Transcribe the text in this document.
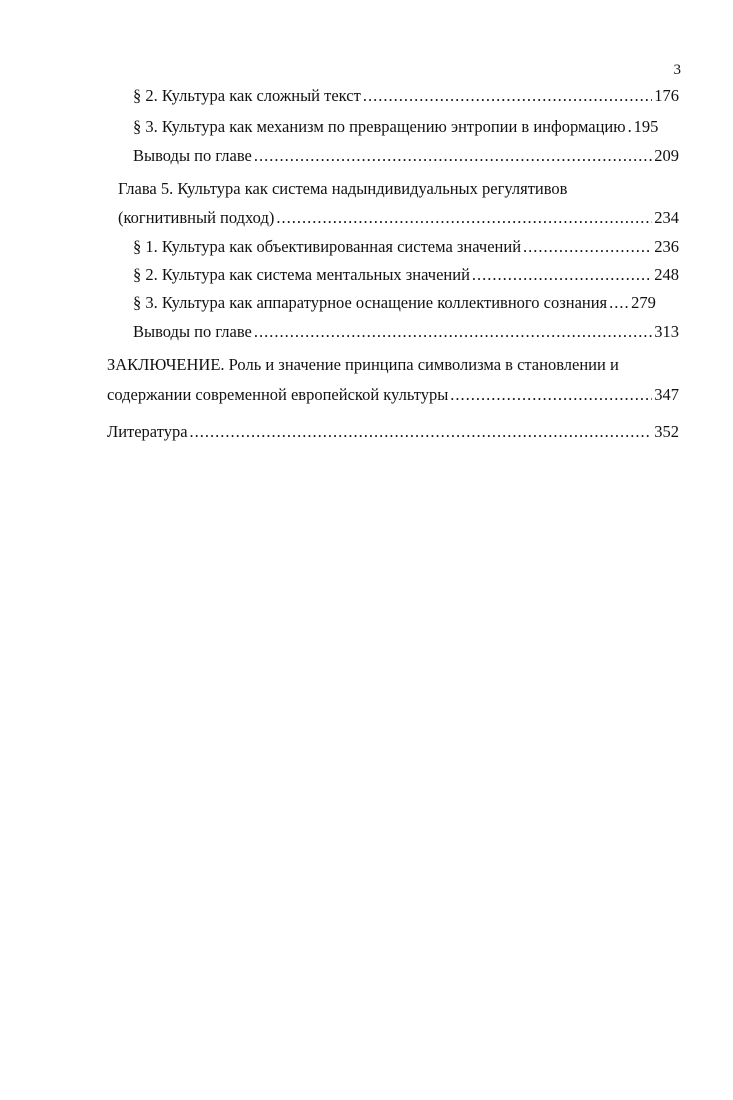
3
§ 2. Культура как сложный текст .....	176
§ 3. Культура как механизм по превращению энтропии в информацию ..... 195
Выводы по главе .....	209
Глава 5. Культура как система надындивидуальных регулятивов
(когнитивный подход) .....	234
§ 1. Культура как объективированная система значений .....	236
§ 2. Культура как система ментальных значений .....	248
§ 3. Культура как аппаратурное оснащение коллективного сознания ..... 279
Выводы по главе .....	313
ЗАКЛЮЧЕНИЕ. Роль и значение принципа символизма в становлении и
содержании современной европейской культуры .....	347
Литература .....	352
